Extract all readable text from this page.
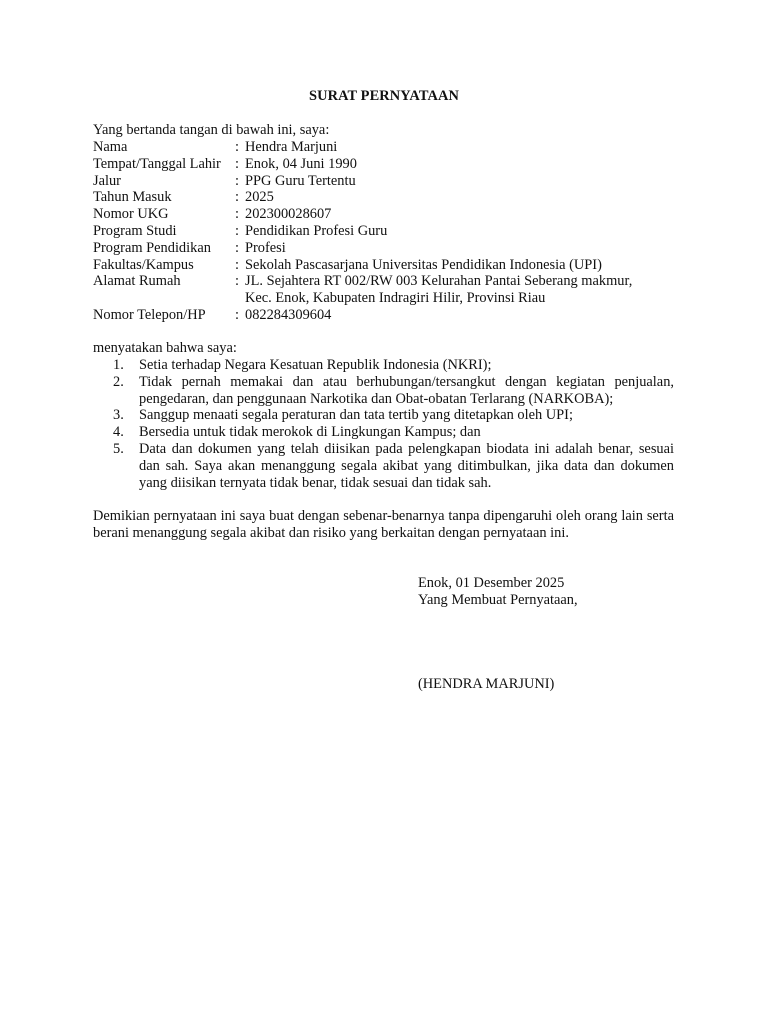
SURAT PERNYATAAN
Yang bertanda tangan di bawah ini, saya:
Nama	: Hendra Marjuni
Tempat/Tanggal Lahir : Enok, 04 Juni 1990
Jalur	: PPG Guru Tertentu
Tahun Masuk	: 2025
Nomor UKG	: 202300028607
Program Studi	: Pendidikan Profesi Guru
Program Pendidikan	: Profesi
Fakultas/Kampus	: Sekolah Pascasarjana Universitas Pendidikan Indonesia (UPI)
Alamat Rumah	: JL. Sejahtera RT 002/RW 003 Kelurahan Pantai Seberang makmur,
Kec. Enok, Kabupaten Indragiri Hilir, Provinsi Riau
Nomor Telepon/HP	: 082284309604
menyatakan bahwa saya:
1.	Setia terhadap Negara Kesatuan Republik Indonesia (NKRI);
2.	Tidak pernah memakai dan atau berhubungan/tersangkut dengan kegiatan penjualan, pengedaran, dan penggunaan Narkotika dan Obat-obatan Terlarang (NARKOBA);
3.	Sanggup menaati segala peraturan dan tata tertib yang ditetapkan oleh UPI;
4.	Bersedia untuk tidak merokok di Lingkungan Kampus; dan
5.	Data dan dokumen yang telah diisikan pada pelengkapan biodata ini adalah benar, sesuai dan sah. Saya akan menanggung segala akibat yang ditimbulkan, jika data dan dokumen yang diisikan ternyata tidak benar, tidak sesuai dan tidak sah.
Demikian pernyataan ini saya buat dengan sebenar-benarnya tanpa dipengaruhi oleh orang lain serta berani menanggung segala akibat dan risiko yang berkaitan dengan pernyataan ini.
Enok, 01 Desember 2025
Yang Membuat Pernyataan,
(HENDRA MARJUNI)
